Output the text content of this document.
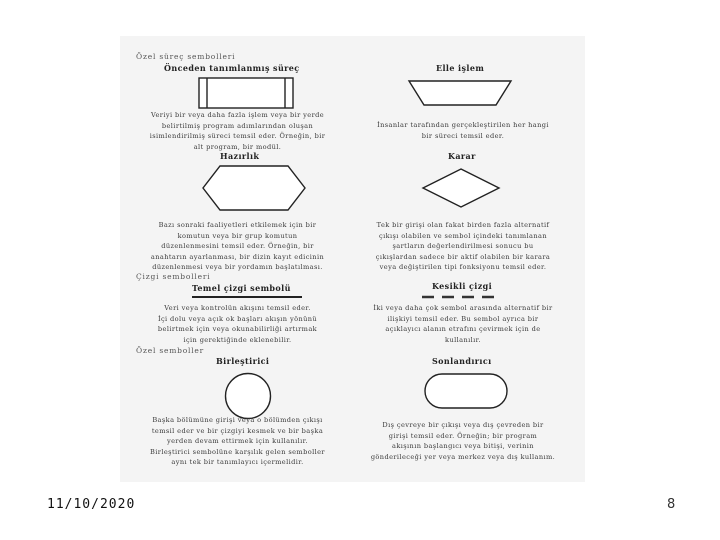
Özel süreç sembolleri
Önceden tanımlanmış süreç
Veriyi bir veya daha fazla işlem veya bir yerde
belirtilmiş program adımlarından oluşan
isimlendirilmiş süreci temsil eder. Örneğin, bir
alt program, bir modül.
Elle işlem
İnsanlar tarafından gerçekleştirilen her hangi
bir süreci temsil eder.
Hazırlık
Bazı sonraki faaliyetleri etkilemek için bir
komutun veya bir grup komutun
düzenlenmesini temsil eder. Örneğin, bir
anahtarın ayarlanması, bir dizin kayıt edicinin
düzenlenmesi veya bir yordamın başlatılması.
Karar
Tek bir girişi olan fakat birden fazla alternatif
çıkışı olabilen ve sembol içindeki tanımlanan
şartların değerlendirilmesi sonucu bu
çıkışlardan sadece bir aktif olabilen bir karara
veya değiştirilen tipi fonksiyonu temsil eder.
Çizgi sembolleri
Temel çizgi sembolü
Veri veya kontrolün akışını temsil eder.
İçi dolu veya açık ok başları akışın yönünü
belirtmek için veya okunabilirliği artırmak
için gerektiğinde eklenebilir.
Kesikli çizgi
İki veya daha çok sembol arasında alternatif bir
ilişkiyi temsil eder. Bu sembol ayrıca bir
açıklayıcı alanın etrafını çevirmek için de
kullanılır.
Özel semboller
Birleştirici
Başka bölümüne girişi veya o bölümden çıkışı
temsil eder ve bir çizgiyi kesmek ve bir başka
yerden devam ettirmek için kullanılır.
Birleştirici sembolüne karşılık gelen semboller
aynı tek bir tanımlayıcı içermelidir.
Sonlandırıcı
Dış çevreye bir çıkışı veya dış çevreden bir
girişi temsil eder. Örneğin; bir program
akışının başlangıcı veya bitişi, verinin
gönderileceği yer veya merkez veya dış kullanım.
11/10/2020	8
